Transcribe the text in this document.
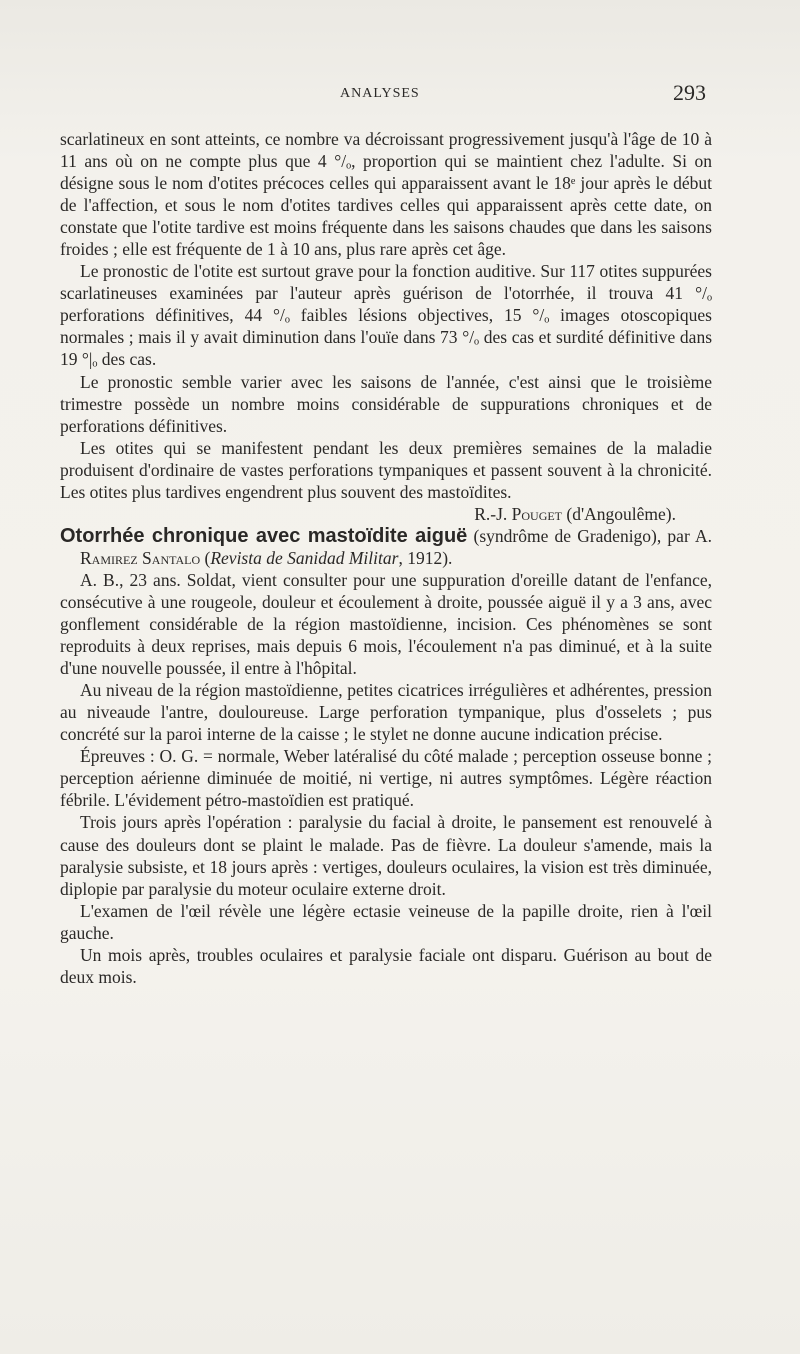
ANALYSES	293

scarlatineux en sont atteints, ce nombre va décroissant progressivement jusqu'à l'âge de 10 à 11 ans où on ne compte plus que 4 °/ₒ, proportion qui se maintient chez l'adulte. Si on désigne sous le nom d'otites précoces celles qui apparaissent avant le 18ᵉ jour après le début de l'affection, et sous le nom d'otites tardives celles qui apparaissent après cette date, on constate que l'otite tardive est moins fréquente dans les saisons chaudes que dans les saisons froides ; elle est fréquente de 1 à 10 ans, plus rare après cet âge.

Le pronostic de l'otite est surtout grave pour la fonction auditive. Sur 117 otites suppurées scarlatineuses examinées par l'auteur après guérison de l'otorrhée, il trouva 41 °/ₒ perforations définitives, 44 °/ₒ faibles lésions objectives, 15 °/ₒ images otoscopiques normales ; mais il y avait diminution dans l'ouïe dans 73 °/ₒ des cas et surdité définitive dans 19 °|ₒ des cas.

Le pronostic semble varier avec les saisons de l'année, c'est ainsi que le troisième trimestre possède un nombre moins considérable de suppurations chroniques et de perforations définitives.

Les otites qui se manifestent pendant les deux premières semaines de la maladie produisent d'ordinaire de vastes perforations tympaniques et passent souvent à la chronicité. Les otites plus tardives engendrent plus souvent des mastoïdites.

R.-J. Pouget (d'Angoulême).

Otorrhée chronique avec mastoïdite aiguë (syndrôme de Gradenigo), par A. Ramirez Santalo (Revista de Sanidad Militar, 1912).

A. B., 23 ans. Soldat, vient consulter pour une suppuration d'oreille datant de l'enfance, consécutive à une rougeole, douleur et écoulement à droite, poussée aiguë il y a 3 ans, avec gonflement considérable de la région mastoïdienne, incision. Ces phénomènes se sont reproduits à deux reprises, mais depuis 6 mois, l'écoulement n'a pas diminué, et à la suite d'une nouvelle poussée, il entre à l'hôpital.

Au niveau de la région mastoïdienne, petites cicatrices irrégulières et adhérentes, pression au niveaude l'antre, douloureuse. Large perforation tympanique, plus d'osselets ; pus concrété sur la paroi interne de la caisse ; le stylet ne donne aucune indication précise.

Épreuves : O. G. = normale, Weber latéralisé du côté malade ; perception osseuse bonne ; perception aérienne diminuée de moitié, ni vertige, ni autres symptômes. Légère réaction fébrile. L'évidement pétro-mastoïdien est pratiqué.

Trois jours après l'opération : paralysie du facial à droite, le pansement est renouvelé à cause des douleurs dont se plaint le malade. Pas de fièvre. La douleur s'amende, mais la paralysie subsiste, et 18 jours après : vertiges, douleurs oculaires, la vision est très diminuée, diplopie par paralysie du moteur oculaire externe droit.

L'examen de l'œil révèle une légère ectasie veineuse de la papille droite, rien à l'œil gauche.

Un mois après, troubles oculaires et paralysie faciale ont disparu. Guérison au bout de deux mois.
